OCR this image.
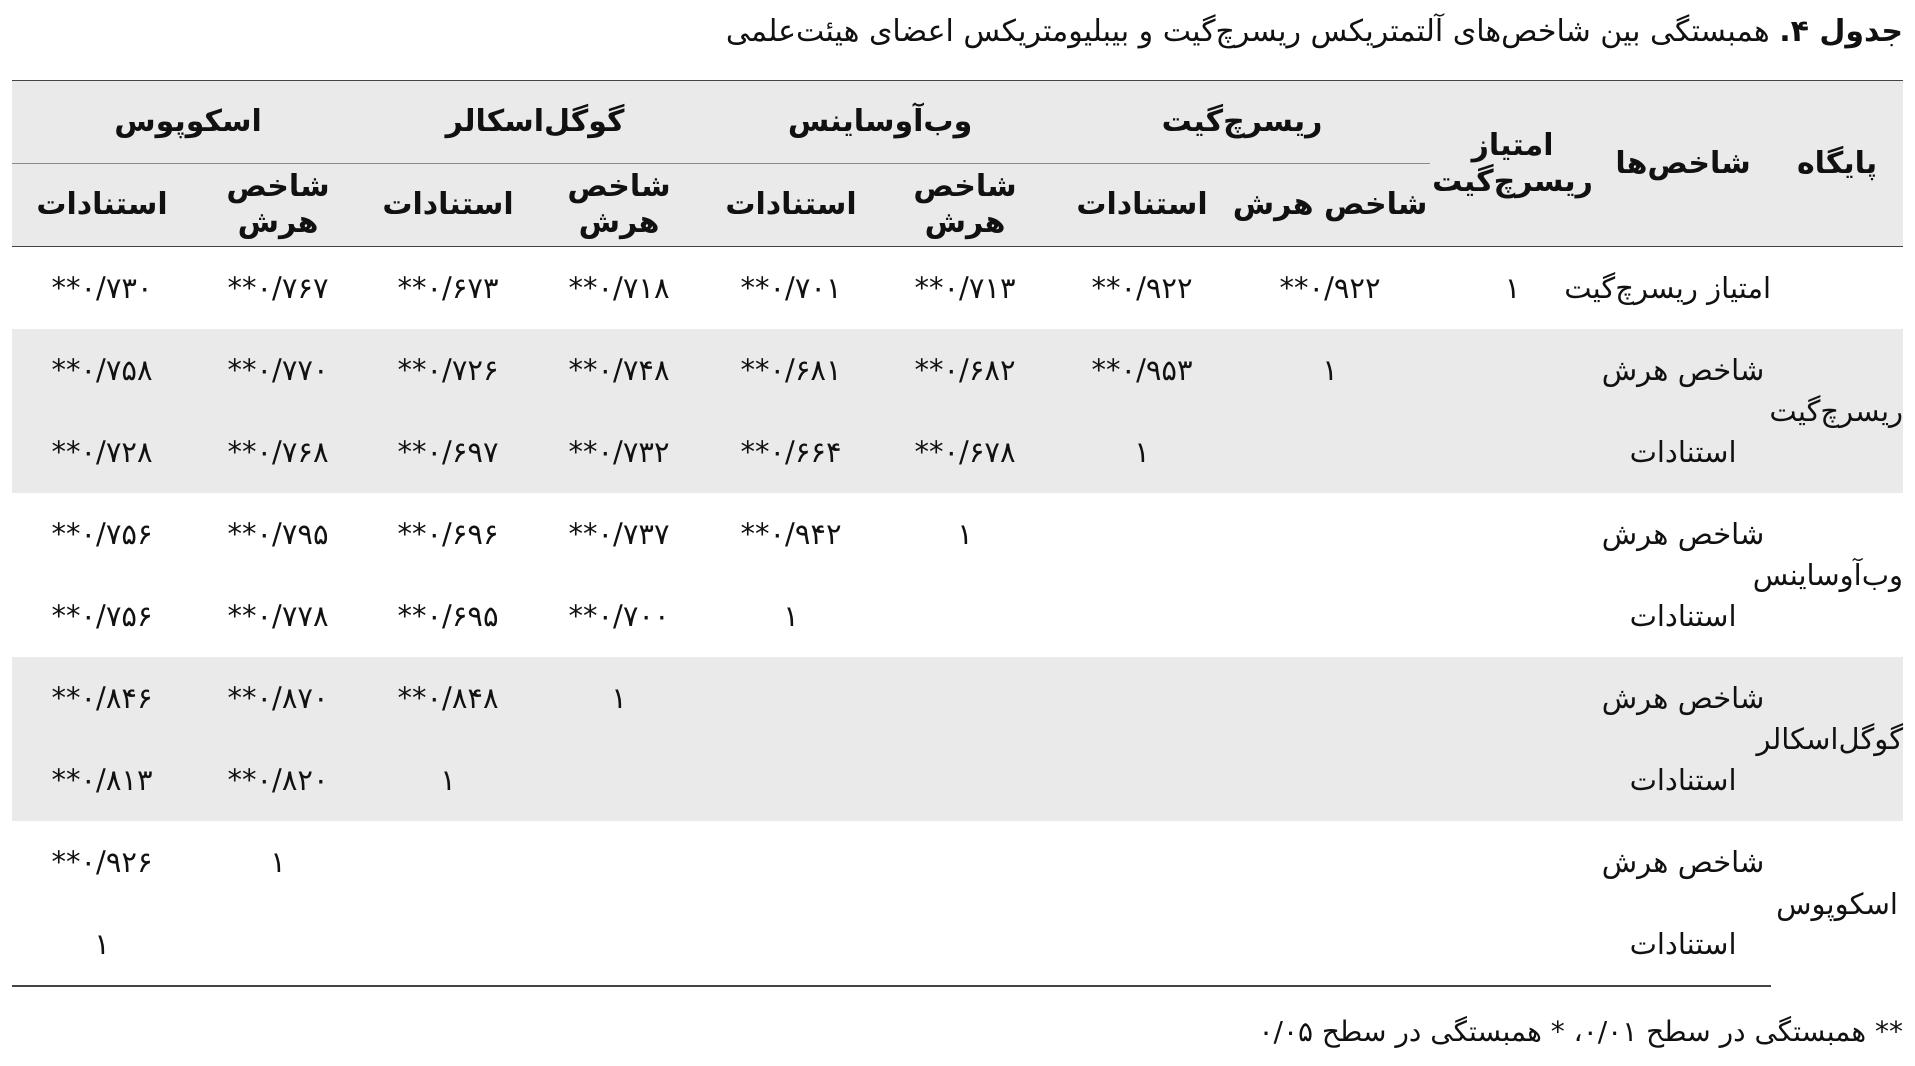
جدول ۴. همبستگی بین شاخص‌های آلتمتریکس ریسرچ‌گیت و بیبلیومتریکس اعضای هیئت‌علمی
پایگاه	شاخص‌ها	امتیاز ریسرچ‌گیت	ریسرچ‌گیت		وب‌آوساینس		گوگل‌اسکالر		اسکوپوس	
			شاخص هرش	استنادات	شاخص هرش	استنادات	شاخص هرش	استنادات	شاخص هرش	استنادات
	امتیاز ریسرچ‌گیت	۱	۰/۹۲۲**	۰/۹۲۲**	۰/۷۱۳**	۰/۷۰۱**	۰/۷۱۸**	۰/۶۷۳**	۰/۷۶۷**	۰/۷۳۰**
ریسرچ‌گیت	شاخص هرش		۱	۰/۹۵۳**	۰/۶۸۲**	۰/۶۸۱**	۰/۷۴۸**	۰/۷۲۶**	۰/۷۷۰**	۰/۷۵۸**
	استنادات			۱	۰/۶۷۸**	۰/۶۶۴**	۰/۷۳۲**	۰/۶۹۷**	۰/۷۶۸**	۰/۷۲۸**
وب‌آوساینس	شاخص هرش				۱	۰/۹۴۲**	۰/۷۳۷**	۰/۶۹۶**	۰/۷۹۵**	۰/۷۵۶**
	استنادات					۱	۰/۷۰۰**	۰/۶۹۵**	۰/۷۷۸**	۰/۷۵۶**
گوگل‌اسکالر	شاخص هرش						۱	۰/۸۴۸**	۰/۸۷۰**	۰/۸۴۶**
	استنادات							۱	۰/۸۲۰**	۰/۸۱۳**
اسکوپوس	شاخص هرش								۱	۰/۹۲۶**
	استنادات									۱
** همبستگی در سطح ۰/۰۱، * همبستگی در سطح ۰/۰۵
